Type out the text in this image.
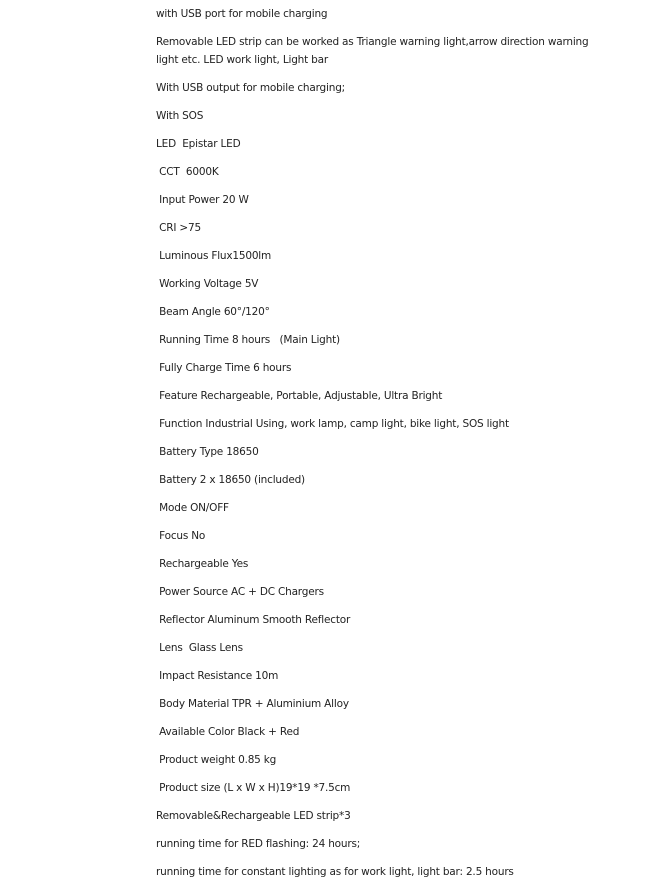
with USB port for mobile charging
Removable LED strip can be worked as Triangle warning light,arrow direction warning light etc. LED work light, Light bar
With USB output for mobile charging;
With SOS
LED  Epistar LED
CCT  6000K
Input Power 20 W
CRI >75
Luminous Flux1500lm
Working Voltage 5V
Beam Angle 60°/120°
Running Time 8 hours   (Main Light)
Fully Charge Time 6 hours
Feature Rechargeable, Portable, Adjustable, Ultra Bright
Function Industrial Using, work lamp, camp light, bike light, SOS light
Battery Type 18650
Battery 2 x 18650 (included)
Mode ON/OFF
Focus No
Rechargeable Yes
Power Source AC + DC Chargers
Reflector Aluminum Smooth Reflector
Lens  Glass Lens
Impact Resistance 10m
Body Material TPR + Aluminium Alloy
Available Color Black + Red
Product weight 0.85 kg
Product size (L x W x H)19*19 *7.5cm
Removable&Rechargeable LED strip*3
running time for RED flashing: 24 hours;
running time for constant lighting as for work light, light bar: 2.5 hours
